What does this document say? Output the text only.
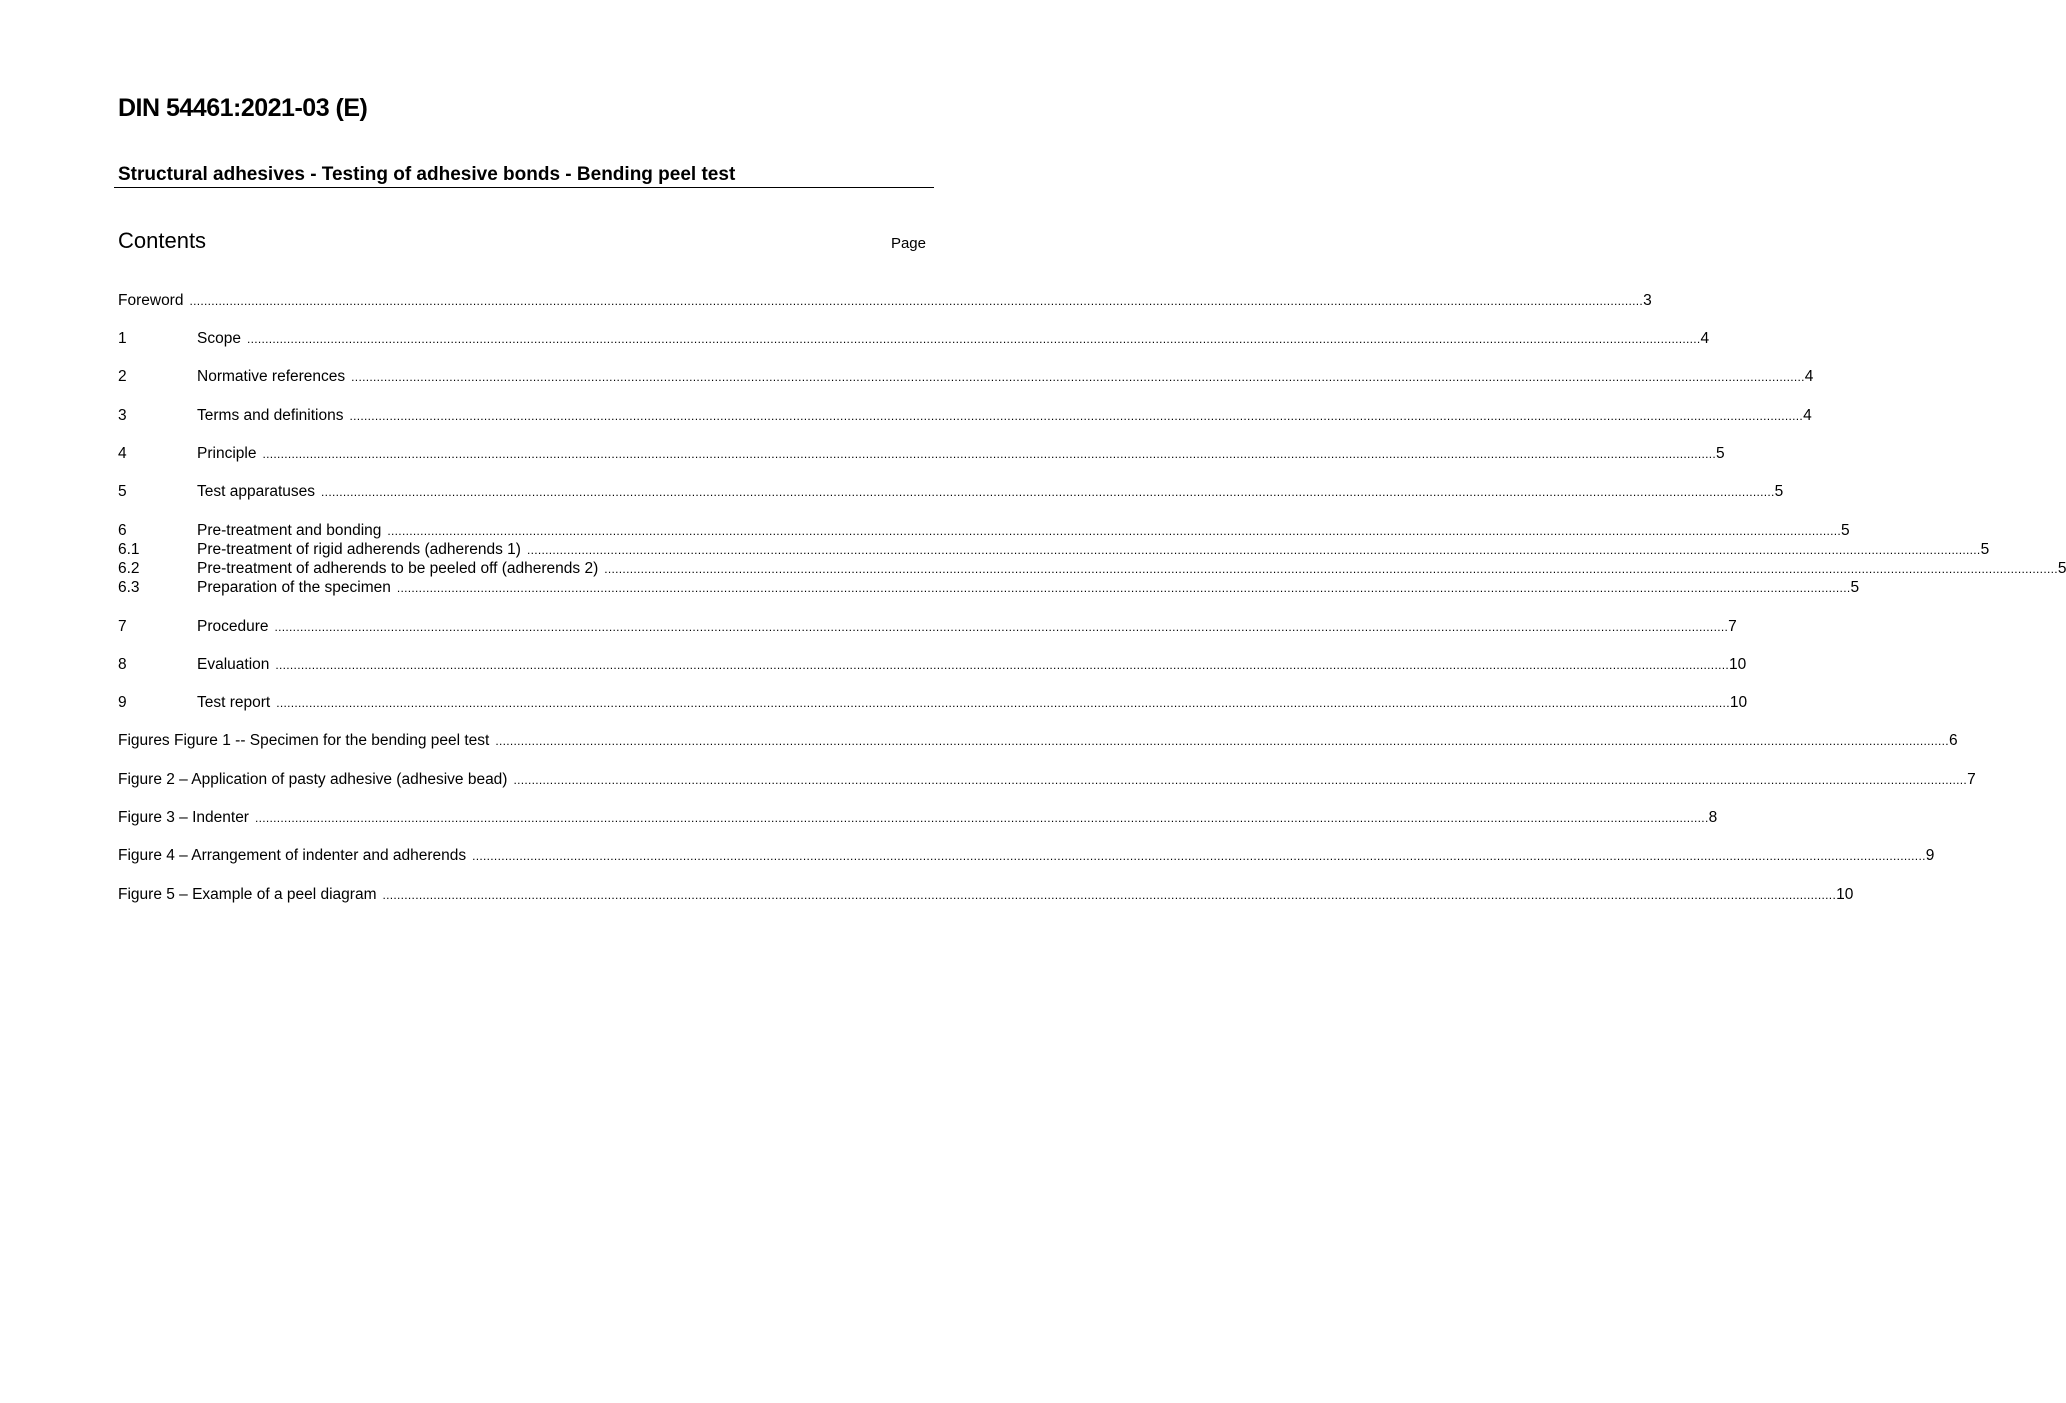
DIN 54461:2021-03 (E)
Structural adhesives - Testing of adhesive bonds - Bending peel test
Contents	Page
Foreword ................................................................................................................................................................................................................................................................................................................................................................................................................ 3
1	Scope ................................................................................................................................................................................................................................................................................................................................................................................................................ 4
2	Normative references ................................................................................................................................................................................................................................................................................................................................................................................................................ 4
3	Terms and definitions ................................................................................................................................................................................................................................................................................................................................................................................................................ 4
4	Principle ................................................................................................................................................................................................................................................................................................................................................................................................................ 5
5	Test apparatuses ................................................................................................................................................................................................................................................................................................................................................................................................................ 5
6	Pre-treatment and bonding ................................................................................................................................................................................................................................................................................................................................................................................................................ 5
6.1	Pre-treatment of rigid adherends (adherends 1) ................................................................................................................................................................................................................................................................................................................................................................................................................ 5
6.2	Pre-treatment of adherends to be peeled off (adherends 2) ................................................................................................................................................................................................................................................................................................................................................................................................................ 5
6.3	Preparation of the specimen ................................................................................................................................................................................................................................................................................................................................................................................................................ 5
7	Procedure ................................................................................................................................................................................................................................................................................................................................................................................................................ 7
8	Evaluation ................................................................................................................................................................................................................................................................................................................................................................................................................ 10
9	Test report ................................................................................................................................................................................................................................................................................................................................................................................................................ 10
Figures Figure 1 -- Specimen for the bending peel test ................................................................................................................................................................................................................................................................................................................................................................................................................ 6
Figure 2 – Application of pasty adhesive (adhesive bead) ................................................................................................................................................................................................................................................................................................................................................................................................................ 7
Figure 3 – Indenter ................................................................................................................................................................................................................................................................................................................................................................................................................ 8
Figure 4 – Arrangement of indenter and adherends ................................................................................................................................................................................................................................................................................................................................................................................................................ 9
Figure 5 – Example of a peel diagram ................................................................................................................................................................................................................................................................................................................................................................................................................ 10
